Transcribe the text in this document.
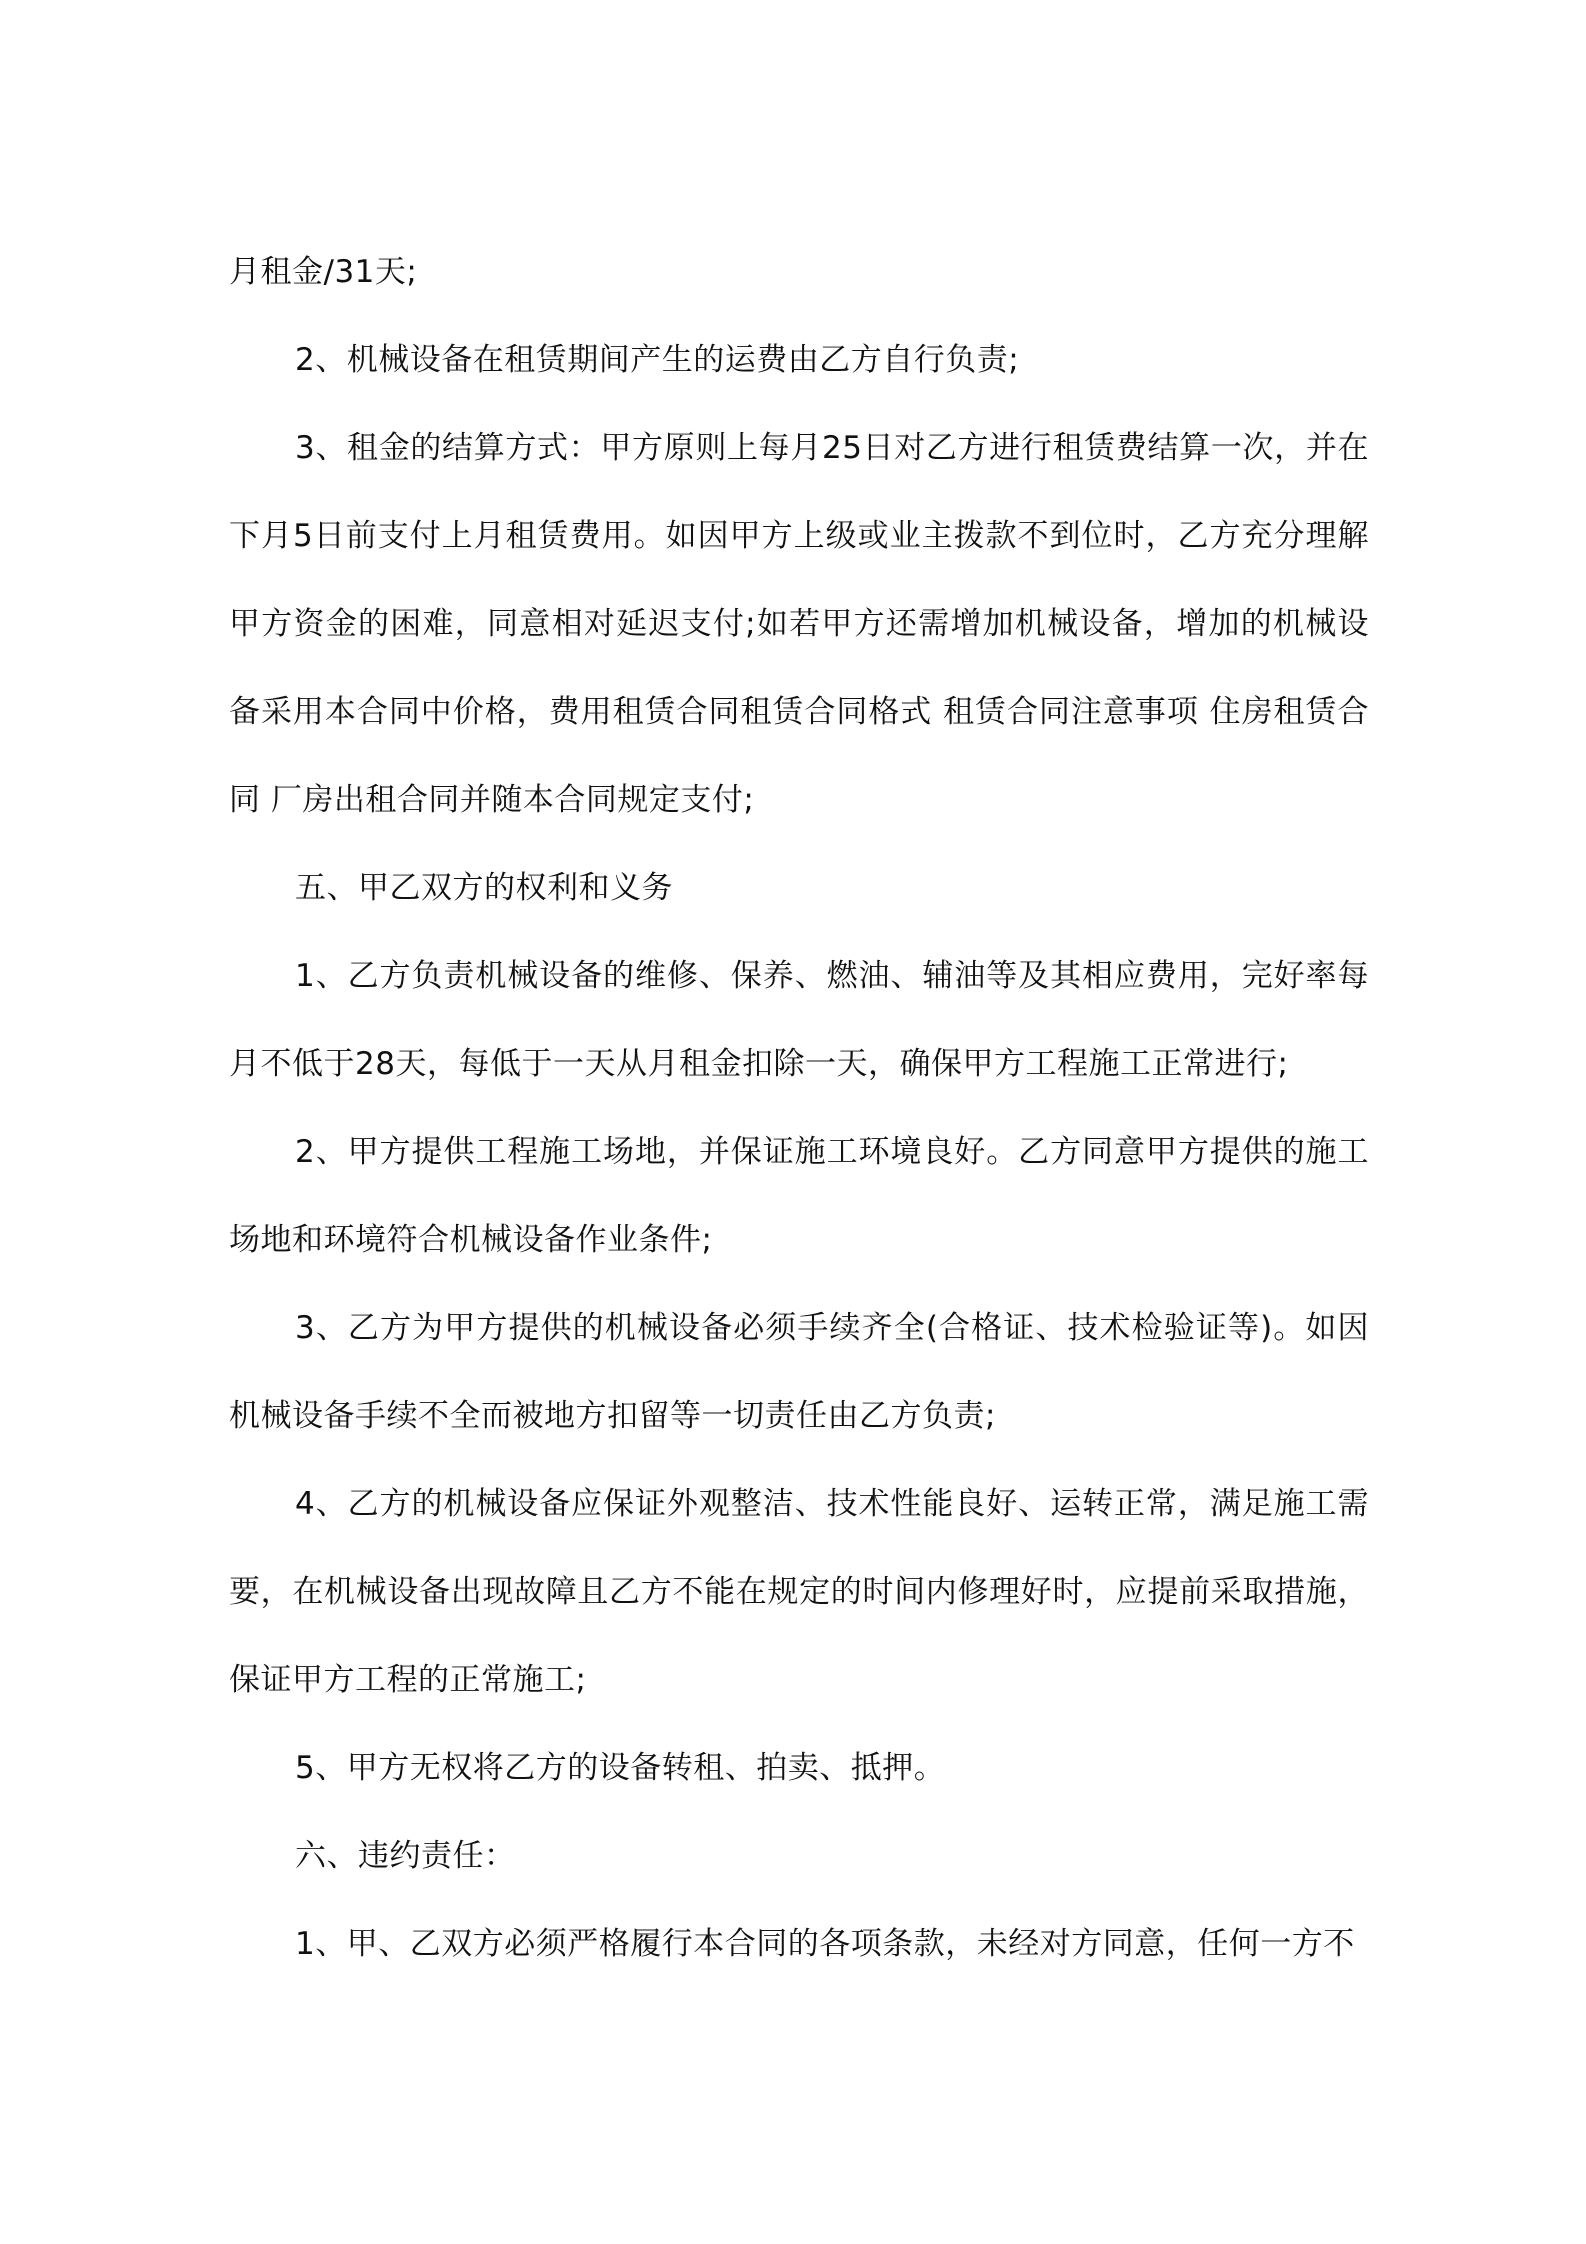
月租金/31天;

2、机械设备在租赁期间产生的运费由乙方自行负责;

3、租金的结算方式：甲方原则上每月25日对乙方进行租赁费结算一次，并在下月5日前支付上月租赁费用。如因甲方上级或业主拨款不到位时，乙方充分理解甲方资金的困难，同意相对延迟支付;如若甲方还需增加机械设备，增加的机械设备采用本合同中价格，费用租赁合同租赁合同格式 租赁合同注意事项 住房租赁合同 厂房出租合同并随本合同规定支付;

五、甲乙双方的权利和义务

1、乙方负责机械设备的维修、保养、燃油、辅油等及其相应费用，完好率每月不低于28天，每低于一天从月租金扣除一天，确保甲方工程施工正常进行;

2、甲方提供工程施工场地，并保证施工环境良好。乙方同意甲方提供的施工场地和环境符合机械设备作业条件;

3、乙方为甲方提供的机械设备必须手续齐全(合格证、技术检验证等)。如因机械设备手续不全而被地方扣留等一切责任由乙方负责;

4、乙方的机械设备应保证外观整洁、技术性能良好、运转正常，满足施工需要，在机械设备出现故障且乙方不能在规定的时间内修理好时，应提前采取措施，保证甲方工程的正常施工;

5、甲方无权将乙方的设备转租、拍卖、抵押。

六、违约责任：

1、甲、乙双方必须严格履行本合同的各项条款，未经对方同意，任何一方不
